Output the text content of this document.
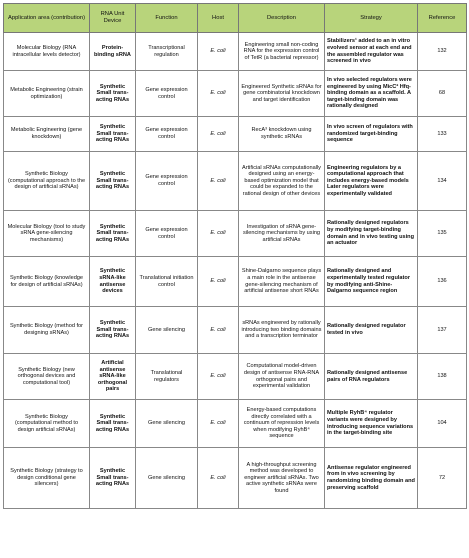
Application area (contribution)	RNA Unit Device	Function	Host	Description	Strategy	Reference
Molecular Biology (RNA intracellular levels detector)	Protein-binding sRNA	Transcriptional regulation	E. coli	Engineering small non-coding RNA for the expression control of TetR (a bacterial repressor)	Stabilizers¹ added to an in vitro evolved sensor at each end and the assembled regulator was screened in vivo	132
Metabolic Engineering (strain optimization)	Synthetic Small trans-acting RNAs	Gene expression control	E. coli	Engineered Synthetic sRNAs for gene combinatorial knockdown and target identification	In vivo selected regulators were engineered by using MicC² Hfq- binding domain as a scaffold. A target-binding domain was rationally designed	68
Metabolic Engineering (gene knockdown)	Synthetic Small trans-acting RNAs	Gene expression control	E. coli	RecA³ knockdown using synthetic sRNAs	In vivo screen of regulators with randomized target-binding sequence	133
Synthetic Biology (computational approach to the design of artificial sRNAs)	Synthetic Small trans-acting RNAs	Gene expression control	E. coli	Artificial sRNAs computationally designed using an energy-based optimization model that could be expanded to the rational design of other devices	Engineering regulators by a computational approach that includes energy-based models Later regulators were experimentally validated	134
Molecular Biology (tool to study sRNA gene-silencing mechanisms)	Synthetic Small trans-acting RNAs	Gene expression control	E. coli	Investigation of sRNA gene-silencing mechanisms by using artificial sRNAs	Rationally designed regulators by modifying target-binding domain and in vivo testing using an actuator	135
Synthetic Biology (knowledge for design of artificial sRNAs)	Synthetic sRNA-like antisense devices	Translational initiation control	E. coli	Shine-Dalgarno sequence plays a main role in the antisense gene-silencing mechanism of artificial antisense short RNAs	Rationally designed and experimentally tested regulator by modifying anti-Shine-Dalgarno sequence region	136
Synthetic Biology (method for designing sRNAs)	Synthetic Small trans-acting RNAs	Gene silencing	E. coli	sRNAs engineered by rationally introducing two binding domains and a transcription terminator	Rationally designed regulator tested in vivo	137
Synthetic Biology (new orthogonal devices and computational tool)	Artificial antisense sRNA-like orthogonal pairs	Translational regulators	E. coli	Computational model-driven design of antisense RNA-RNA orthogonal pairs and experimental validation	Rationally designed antisense pairs of RNA regulators	138
Synthetic Biology (computational method to design artificial sRNAs)	Synthetic Small trans-acting RNAs	Gene silencing	E. coli	Energy-based computations directly correlated with a continuum of repression levels when modifying RyhB⁴ sequence	Multiple RyhB⁴ regulator variants were designed by introducing sequence variations in the target-binding site	104
Synthetic Biology (strategy to design conditional gene silencers)	Synthetic Small trans-acting RNAs	Gene silencing	E. coli	A high-throughput screening method was developed to engineer artificial sRNAs. Two active synthetic sRNAs were found	Antisense regulator engineered from in vivo screening by randomizing binding domain and preserving scaffold	72
